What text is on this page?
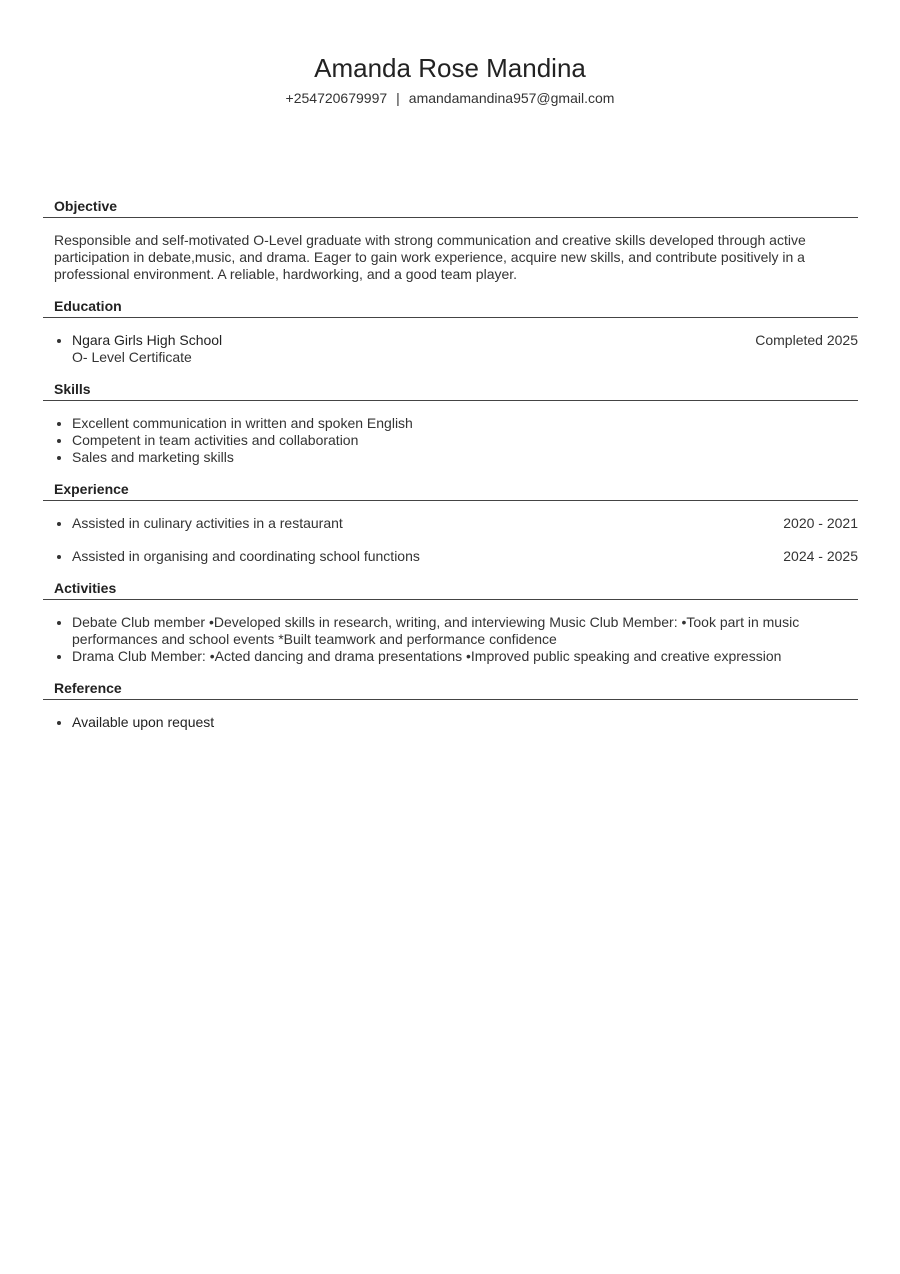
Amanda Rose Mandina
+254720679997 | amandamandina957@gmail.com
Objective

Responsible and self-motivated O-Level graduate with strong communication and creative skills developed through active participation in debate,music, and drama. Eager to gain work experience, acquire new skills, and contribute positively in a professional environment. A reliable, hardworking, and a good team player.

Education
Ngara Girls High School
O- Level Certificate
Completed 2025
Skills
Excellent communication in written and spoken English
Competent in team activities and collaboration
Sales and marketing skills
Experience
Assisted in culinary activities in a restaurant	2020 - 2021
Assisted in organising and coordinating school functions	2024 - 2025
Activities
Debate Club member •Developed skills in research, writing, and interviewing Music Club Member: •Took part in music performances and school events *Built teamwork and performance confidence
Drama Club Member: •Acted dancing and drama presentations •Improved public speaking and creative expression
Reference
Available upon request
